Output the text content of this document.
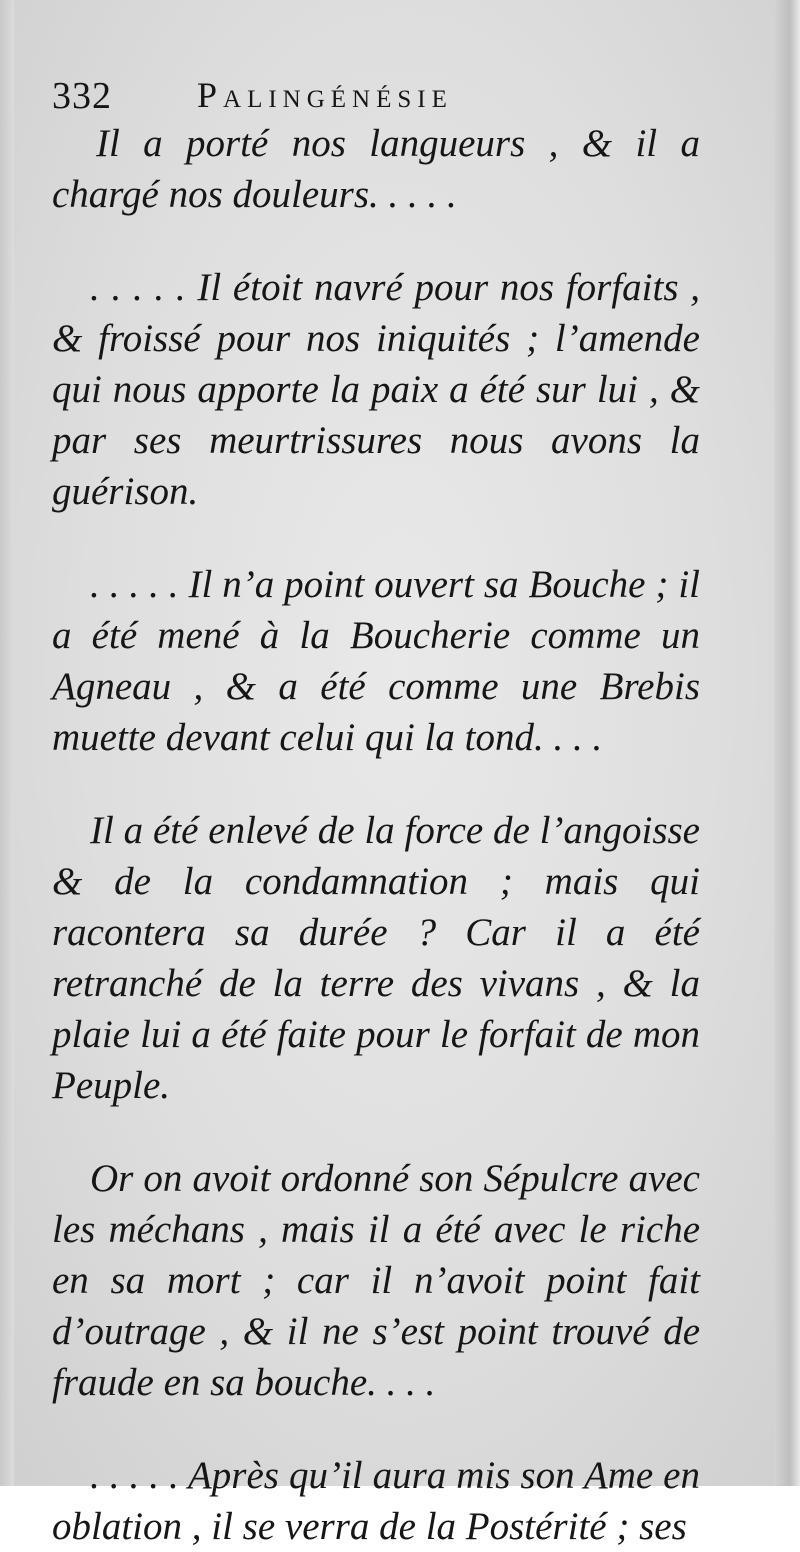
332 Palingénésie

Il a porté nos langueurs , & il a chargé nos douleurs. . . . .

. . . . . Il étoit navré pour nos forfaits , & froissé pour nos iniquités ; l’amende qui nous apporte la paix a été sur lui , & par ses meurtrissures nous avons la guérison.

. . . . . Il n’a point ouvert sa Bouche ; il a été mené à la Boucherie comme un Agneau , & a été comme une Brebis muette devant celui qui la tond. . . .

Il a été enlevé de la force de l’angoisse & de la condamnation ; mais qui racontera sa durée ? Car il a été retranché de la terre des vivans , & la plaie lui a été faite pour le forfait de mon Peuple.

Or on avoit ordonné son Sépulcre avec les méchans , mais il a été avec le riche en sa mort ; car il n’avoit point fait d’outrage , & il ne s’est point trouvé de fraude en sa bouche. . . .

. . . . . Après qu’il aura mis son Ame en oblation , il se verra de la Postérité ; ses
